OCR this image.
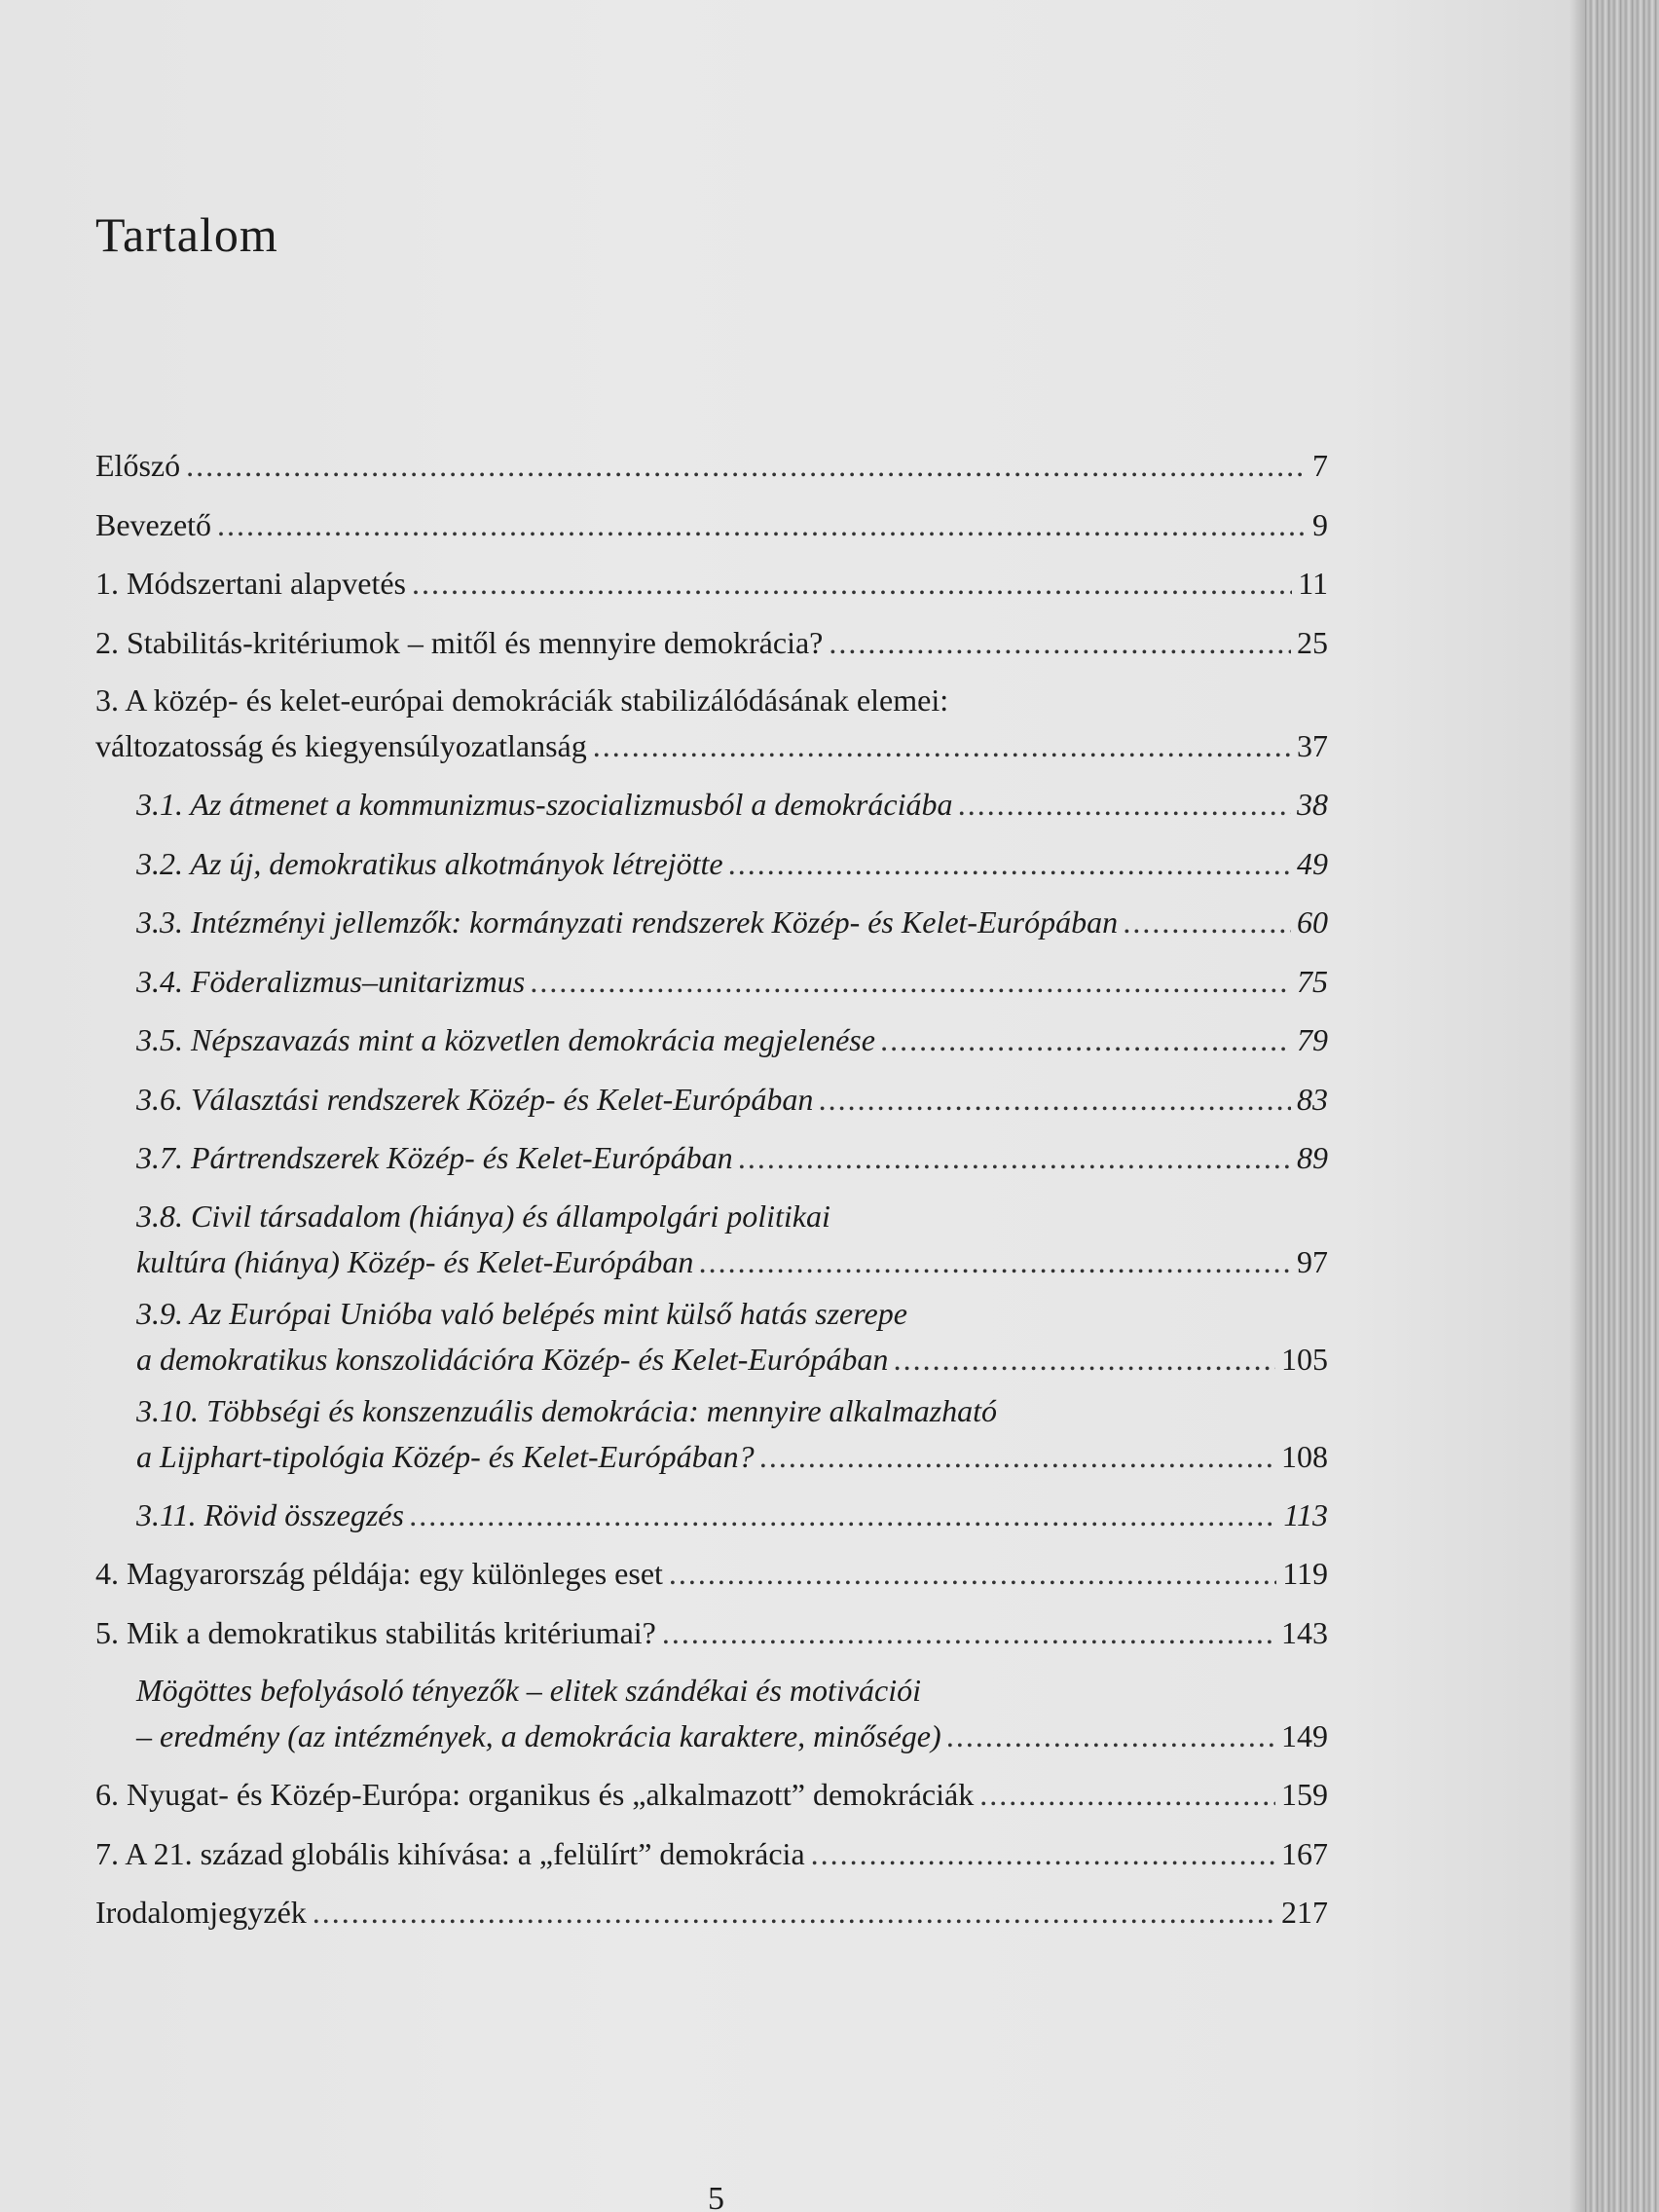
Tartalom
Előszó . . .	7
Bevezető . . .	9
1. Módszertani alapvetés . . .	11
2. Stabilitás-kritériumok – mitől és mennyire demokrácia? . . .	25
3. A közép- és kelet-európai demokráciák stabilizálódásának elemei:
változatosság és kiegyensúlyozatlanság . . .	37
3.1. Az átmenet a kommunizmus-szocializmusból a demokráciába . . .	38
3.2. Az új, demokratikus alkotmányok létrejötte . . .	49
3.3. Intézményi jellemzők: kormányzati rendszerek Közép- és Kelet-Európában . . .	60
3.4. Föderalizmus–unitarizmus . . .	75
3.5. Népszavazás mint a közvetlen demokrácia megjelenése . . .	79
3.6. Választási rendszerek Közép- és Kelet-Európában . . .	83
3.7. Pártrendszerek Közép- és Kelet-Európában . . .	89
3.8. Civil társadalom (hiánya) és állampolgári politikai
kultúra (hiánya) Közép- és Kelet-Európában . . .	97
3.9. Az Európai Unióba való belépés mint külső hatás szerepe
a demokratikus konszolidációra Közép- és Kelet-Európában . . .	105
3.10. Többségi és konszenzuális demokrácia: mennyire alkalmazható
a Lijphart-tipológia Közép- és Kelet-Európában? . . .	108
3.11. Rövid összegzés . . .	113
4. Magyarország példája: egy különleges eset . . .	119
5. Mik a demokratikus stabilitás kritériumai? . . .	143
Mögöttes befolyásoló tényezők – elitek szándékai és motivációi
– eredmény (az intézmények, a demokrácia karaktere, minősége) . . .	149
6. Nyugat- és Közép-Európa: organikus és „alkalmazott” demokráciák . . .	159
7. A 21. század globális kihívása: a „felülírt” demokrácia . . .	167
Irodalomjegyzék . . .	217
5
